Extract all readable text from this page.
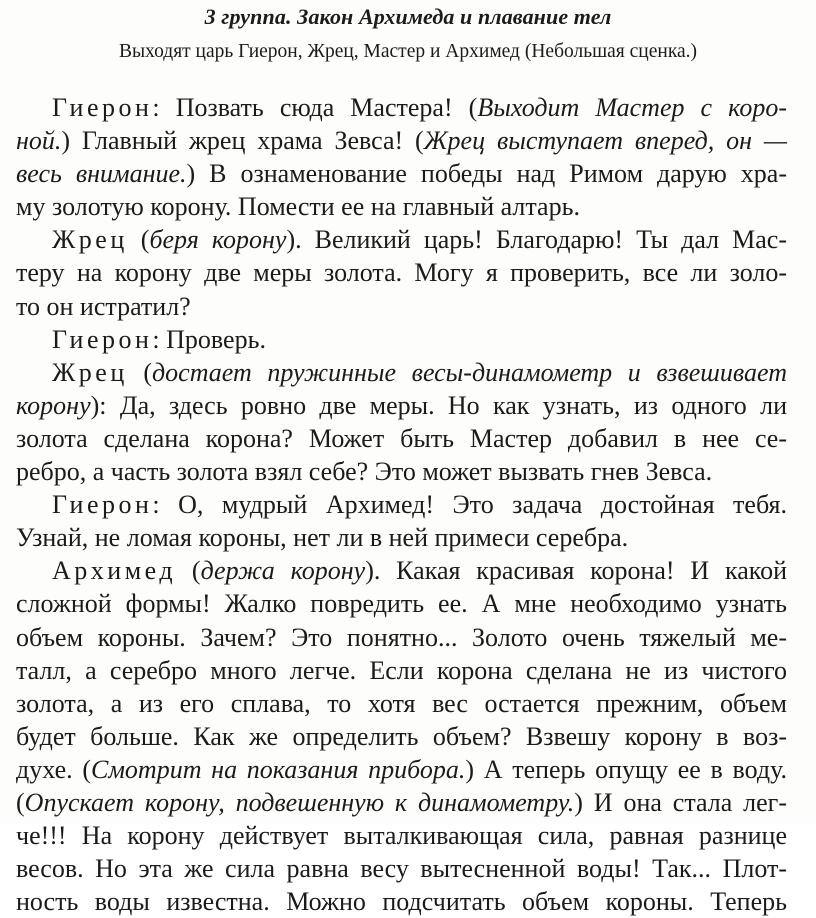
3 группа. Закон Архимеда и плавание тел
Выходят царь Гиерон, Жрец, Мастер и Архимед (Небольшая сценка.)
Гиерон: Позвать сюда Мастера! (Выходит Мастер с коро-
ной.) Главный жрец храма Зевса! (Жрец выступает вперед, он —
весь внимание.) В ознаменование победы над Римом дарую хра-
му золотую корону. Помести ее на главный алтарь.
Жрец (беря корону). Великий царь! Благодарю! Ты дал Мас-
теру на корону две меры золота. Могу я проверить, все ли золо-
то он истратил?
Гиерон: Проверь.
Жрец (достает пружинные весы-динамометр и взвешивает
корону): Да, здесь ровно две меры. Но как узнать, из одного ли
золота сделана корона? Может быть Мастер добавил в нее се-
ребро, а часть золота взял себе? Это может вызвать гнев Зевса.
Гиерон: О, мудрый Архимед! Это задача достойная тебя.
Узнай, не ломая короны, нет ли в ней примеси серебра.
Архимед (держа корону). Какая красивая корона! И какой
сложной формы! Жалко повредить ее. А мне необходимо узнать
объем короны. Зачем? Это понятно... Золото очень тяжелый ме-
талл, а серебро много легче. Если корона сделана не из чистого
золота, а из его сплава, то хотя вес остается прежним, объем
будет больше. Как же определить объем? Взвешу корону в воз-
духе. (Смотрит на показания прибора.) А теперь опущу ее в воду.
(Опускает корону, подвешенную к динамометру.) И она стала лег-
че!!! На корону действует выталкивающая сила, равная разнице
весов. Но эта же сила равна весу вытесненной воды! Так... Плот-
ность воды известна. Можно подсчитать объем короны. Теперь
